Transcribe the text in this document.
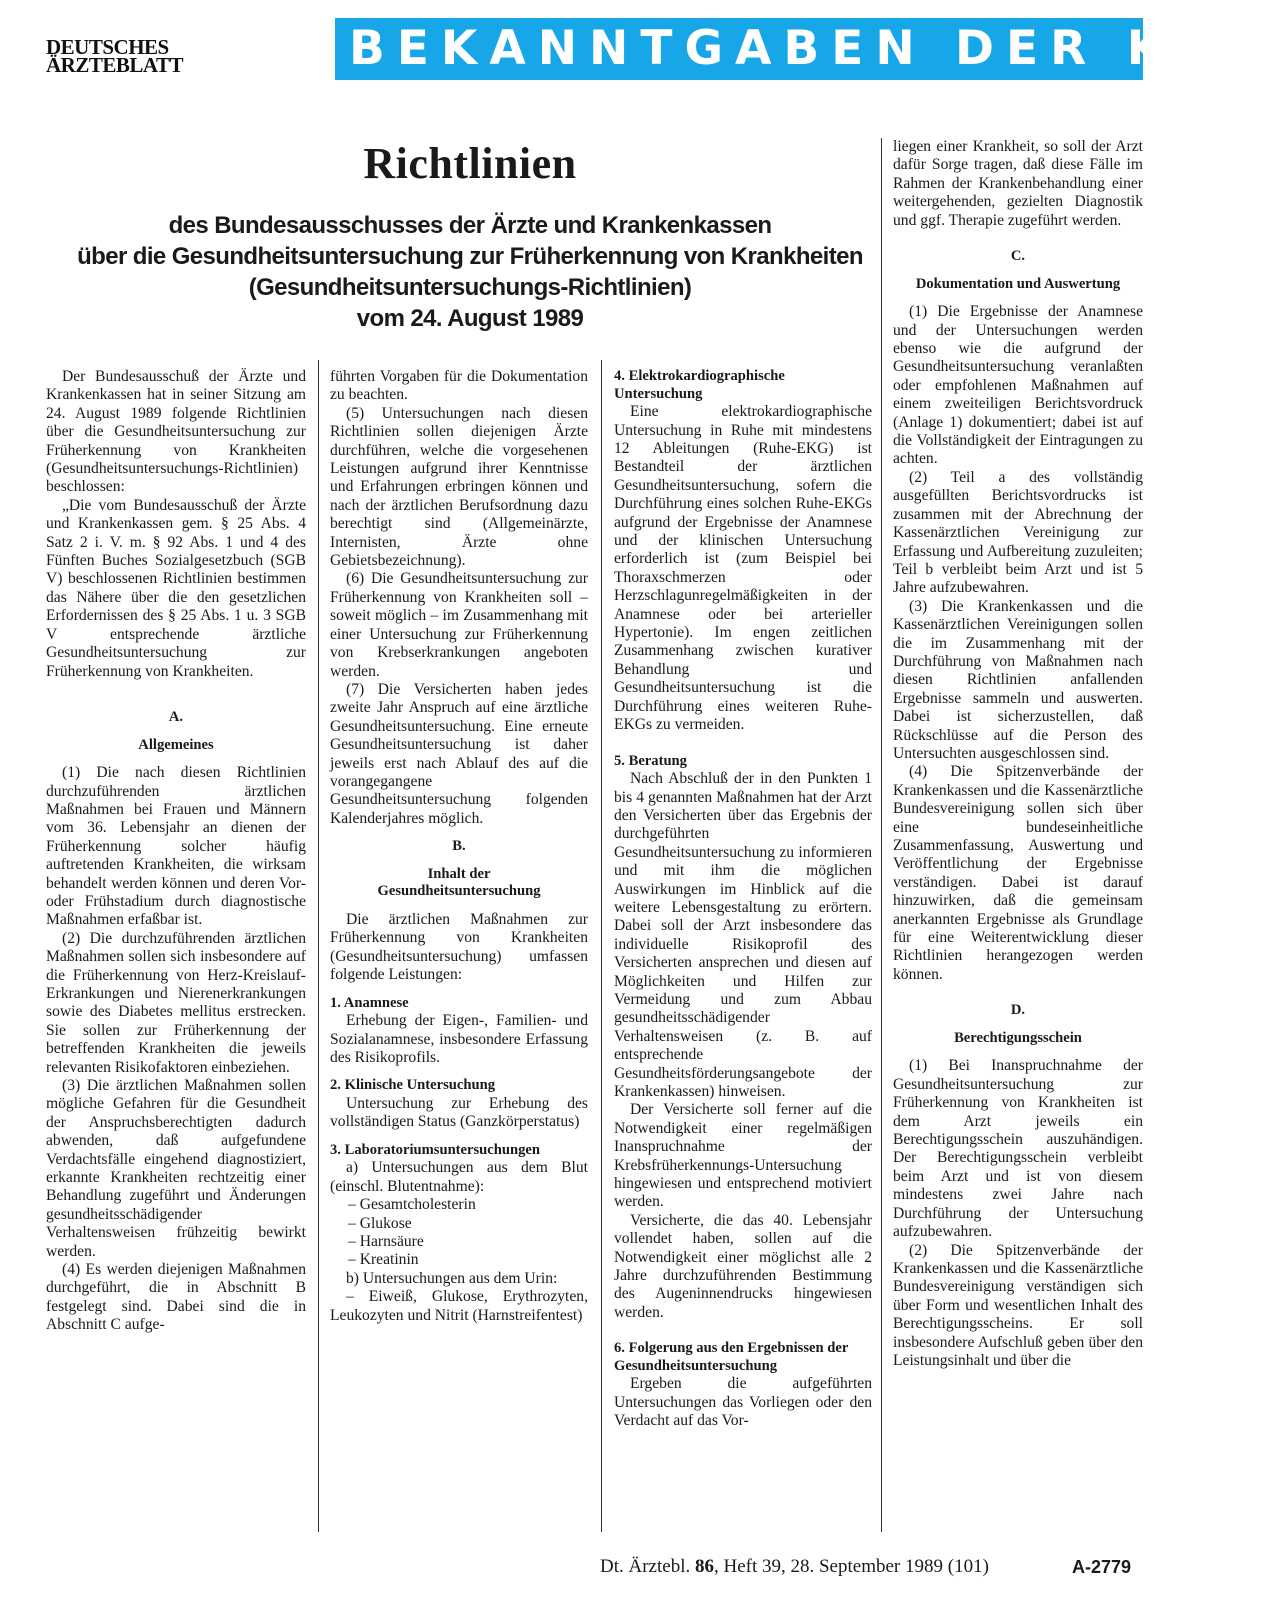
DEUTSCHES
ÄRZTEBLATT	BEKANNTGABEN DER KBV
Richtlinien
des Bundesausschusses der Ärzte und Krankenkassen
über die Gesundheitsuntersuchung zur Früherkennung von Krankheiten
(Gesundheitsuntersuchungs-Richtlinien)
vom 24. August 1989

Der Bundesausschuß der Ärzte und Krankenkassen hat in seiner Sitzung am 24. August 1989 folgende Richtlinien über die Gesundheitsuntersuchung zur Früherkennung von Krankheiten (Gesundheitsuntersuchungs-Richtlinien) beschlossen:

„Die vom Bundesausschuß der Ärzte und Krankenkassen gem. § 25 Abs. 4 Satz 2 i. V. m. § 92 Abs. 1 und 4 des Fünften Buches Sozialgesetzbuch (SGB V) beschlossenen Richtlinien bestimmen das Nähere über die den gesetzlichen Erfordernissen des § 25 Abs. 1 u. 3 SGB V entsprechende ärztliche Gesundheitsuntersuchung zur Früherkennung von Krankheiten.

A.
Allgemeines

(1) Die nach diesen Richtlinien durchzuführenden ärztlichen Maßnahmen bei Frauen und Männern vom 36. Lebensjahr an dienen der Früherkennung solcher häufig auftretenden Krankheiten, die wirksam behandelt werden können und deren Vor- oder Frühstadium durch diagnostische Maßnahmen erfaßbar ist.

(2) Die durchzuführenden ärztlichen Maßnahmen sollen sich insbesondere auf die Früherkennung von Herz-Kreislauf-Erkrankungen und Nierenerkrankungen sowie des Diabetes mellitus erstrecken. Sie sollen zur Früherkennung der betreffenden Krankheiten die jeweils relevanten Risikofaktoren einbeziehen.

(3) Die ärztlichen Maßnahmen sollen mögliche Gefahren für die Gesundheit der Anspruchsberechtigten dadurch abwenden, daß aufgefundene Verdachtsfälle eingehend diagnostiziert, erkannte Krankheiten rechtzeitig einer Behandlung zugeführt und Änderungen gesundheitsschädigender Verhaltensweisen frühzeitig bewirkt werden.

(4) Es werden diejenigen Maßnahmen durchgeführt, die in Abschnitt B festgelegt sind. Dabei sind die in Abschnitt C aufge-

führten Vorgaben für die Dokumentation zu beachten.

(5) Untersuchungen nach diesen Richtlinien sollen diejenigen Ärzte durchführen, welche die vorgesehenen Leistungen aufgrund ihrer Kenntnisse und Erfahrungen erbringen können und nach der ärztlichen Berufsordnung dazu berechtigt sind (Allgemeinärzte, Internisten, Ärzte ohne Gebietsbezeichnung).

(6) Die Gesundheitsuntersuchung zur Früherkennung von Krankheiten soll – soweit möglich – im Zusammenhang mit einer Untersuchung zur Früherkennung von Krebserkrankungen angeboten werden.

(7) Die Versicherten haben jedes zweite Jahr Anspruch auf eine ärztliche Gesundheitsuntersuchung. Eine erneute Gesundheitsuntersuchung ist daher jeweils erst nach Ablauf des auf die vorangegangene Gesundheitsuntersuchung folgenden Kalenderjahres möglich.

B.
Inhalt der
Gesundheitsuntersuchung

Die ärztlichen Maßnahmen zur Früherkennung von Krankheiten (Gesundheitsuntersuchung) umfassen folgende Leistungen:

1. Anamnese

Erhebung der Eigen-, Familien- und Sozialanamnese, insbesondere Erfassung des Risikoprofils.

2. Klinische Untersuchung

Untersuchung zur Erhebung des vollständigen Status (Ganzkörperstatus)

3. Laboratoriumsuntersuchungen

a) Untersuchungen aus dem Blut (einschl. Blutentnahme):

– Gesamtcholesterin
– Glukose
– Harnsäure
– Kreatinin

b) Untersuchungen aus dem Urin:

– Eiweiß, Glukose, Erythrozyten, Leukozyten und Nitrit (Harnstreifentest)

4. Elektrokardiographische Untersuchung

Eine elektrokardiographische Untersuchung in Ruhe mit mindestens 12 Ableitungen (Ruhe-EKG) ist Bestandteil der ärztlichen Gesundheitsuntersuchung, sofern die Durchführung eines solchen Ruhe-EKGs aufgrund der Ergebnisse der Anamnese und der klinischen Untersuchung erforderlich ist (zum Beispiel bei Thoraxschmerzen oder Herzschlagunregelmäßigkeiten in der Anamnese oder bei arterieller Hypertonie). Im engen zeitlichen Zusammenhang zwischen kurativer Behandlung und Gesundheitsuntersuchung ist die Durchführung eines weiteren Ruhe-EKGs zu vermeiden.

5. Beratung

Nach Abschluß der in den Punkten 1 bis 4 genannten Maßnahmen hat der Arzt den Versicherten über das Ergebnis der durchgeführten Gesundheitsuntersuchung zu informieren und mit ihm die möglichen Auswirkungen im Hinblick auf die weitere Lebensgestaltung zu erörtern. Dabei soll der Arzt insbesondere das individuelle Risikoprofil des Versicherten ansprechen und diesen auf Möglichkeiten und Hilfen zur Vermeidung und zum Abbau gesundheitsschädigender Verhaltensweisen (z. B. auf entsprechende Gesundheitsförderungsangebote der Krankenkassen) hinweisen.

Der Versicherte soll ferner auf die Notwendigkeit einer regelmäßigen Inanspruchnahme der Krebsfrüherkennungs-Untersuchung hingewiesen und entsprechend motiviert werden.

Versicherte, die das 40. Lebensjahr vollendet haben, sollen auf die Notwendigkeit einer möglichst alle 2 Jahre durchzuführenden Bestimmung des Augeninnendrucks hingewiesen werden.

6. Folgerung aus den Ergebnissen der Gesundheitsuntersuchung

Ergeben die aufgeführten Untersuchungen das Vorliegen oder den Verdacht auf das Vor-

liegen einer Krankheit, so soll der Arzt dafür Sorge tragen, daß diese Fälle im Rahmen der Krankenbehandlung einer weitergehenden, gezielten Diagnostik und ggf. Therapie zugeführt werden.

C.
Dokumentation und Auswertung

(1) Die Ergebnisse der Anamnese und der Untersuchungen werden ebenso wie die aufgrund der Gesundheitsuntersuchung veranlaßten oder empfohlenen Maßnahmen auf einem zweiteiligen Berichtsvordruck (Anlage 1) dokumentiert; dabei ist auf die Vollständigkeit der Eintragungen zu achten.

(2) Teil a des vollständig ausgefüllten Berichtsvordrucks ist zusammen mit der Abrechnung der Kassenärztlichen Vereinigung zur Erfassung und Aufbereitung zuzuleiten; Teil b verbleibt beim Arzt und ist 5 Jahre aufzubewahren.

(3) Die Krankenkassen und die Kassenärztlichen Vereinigungen sollen die im Zusammenhang mit der Durchführung von Maßnahmen nach diesen Richtlinien anfallenden Ergebnisse sammeln und auswerten. Dabei ist sicherzustellen, daß Rückschlüsse auf die Person des Untersuchten ausgeschlossen sind.

(4) Die Spitzenverbände der Krankenkassen und die Kassenärztliche Bundesvereinigung sollen sich über eine bundeseinheitliche Zusammenfassung, Auswertung und Veröffentlichung der Ergebnisse verständigen. Dabei ist darauf hinzuwirken, daß die gemeinsam anerkannten Ergebnisse als Grundlage für eine Weiterentwicklung dieser Richtlinien herangezogen werden können.

D.
Berechtigungsschein

(1) Bei Inanspruchnahme der Gesundheitsuntersuchung zur Früherkennung von Krankheiten ist dem Arzt jeweils ein Berechtigungsschein auszuhändigen. Der Berechtigungsschein verbleibt beim Arzt und ist von diesem mindestens zwei Jahre nach Durchführung der Untersuchung aufzubewahren.

(2) Die Spitzenverbände der Krankenkassen und die Kassenärztliche Bundesvereinigung verständigen sich über Form und wesentlichen Inhalt des Berechtigungsscheins. Er soll insbesondere Aufschluß geben über den Leistungsinhalt und über die

Dt. Ärztebl. 86, Heft 39, 28. September 1989 (101)	A-2779
